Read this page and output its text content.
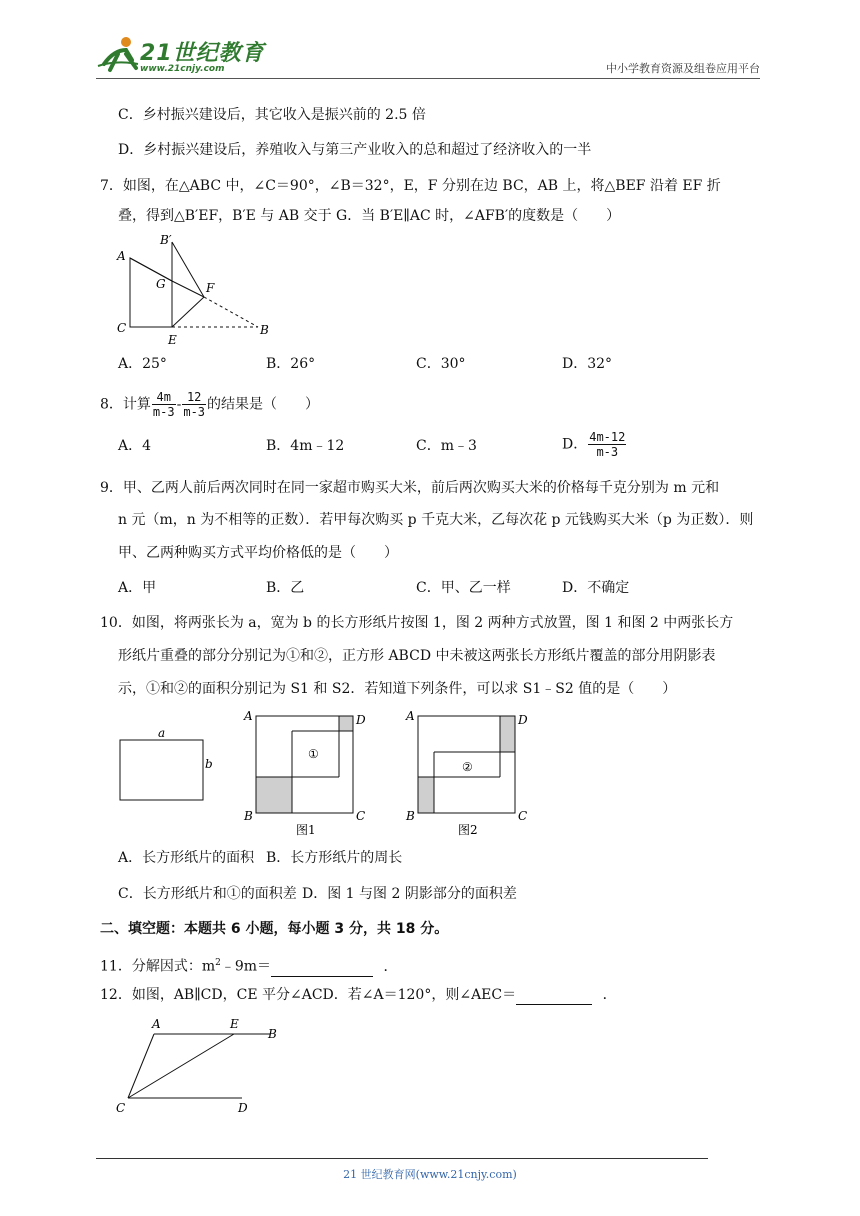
21世纪教育
www.21cnjy.com	中小学教育资源及组卷应用平台
C．乡村振兴建设后，其它收入是振兴前的 2.5 倍
D．乡村振兴建设后，养殖收入与第三产业收入的总和超过了经济收入的一半
7．如图，在△ABC 中，∠C＝90°，∠B＝32°，E，F 分别在边 BC，AB 上，将△BEF 沿着 EF 折
叠，得到△B′EF，B′E 与 AB 交于 G．当 B′E∥AC 时，∠AFB′的度数是（　　）
A
B′
G	F
C
E
B
A．25°	B．26°	C．30°	D．32°
8．计算 $\frac{4m}{m-3} - \frac{12}{m-3}$ 的结果是（　　）
A．4	B．4m﹣12	C．m﹣3	D． $\frac{4m-12}{m-3}$
9．甲、乙两人前后两次同时在同一家超市购买大米，前后两次购买大米的价格每千克分别为 m 元和
n 元（m，n 为不相等的正数）．若甲每次购买 p 千克大米，乙每次花 p 元钱购买大米（p 为正数）．则
甲、乙两种购买方式平均价格低的是（　　）
A．甲	B．乙	C．甲、乙一样	D．不确定
10．如图，将两张长为 a，宽为 b 的长方形纸片按图 1，图 2 两种方式放置，图 1 和图 2 中两张长方
形纸片重叠的部分分别记为①和②，正方形 ABCD 中未被这两张长方形纸片覆盖的部分用阴影表
示，①和②的面积分别记为 S1 和 S2．若知道下列条件，可以求 S1﹣S2 值的是（　　）
a
b
A	D
B	C
①
图1
A	D
B	C
②
图2
A．长方形纸片的面积 B．长方形纸片的周长
C．长方形纸片和①的面积差 D．图 1 与图 2 阴影部分的面积差
二、填空题：本题共 6 小题，每小题 3 分，共 18 分。
11．分解因式：$m^2﹣9m=$	．
12．如图，AB∥CD，CE 平分∠ACD．若∠A＝120°，则∠AEC＝	．
A	E
B
C	D
21 世纪教育网(www.21cnjy.com)
